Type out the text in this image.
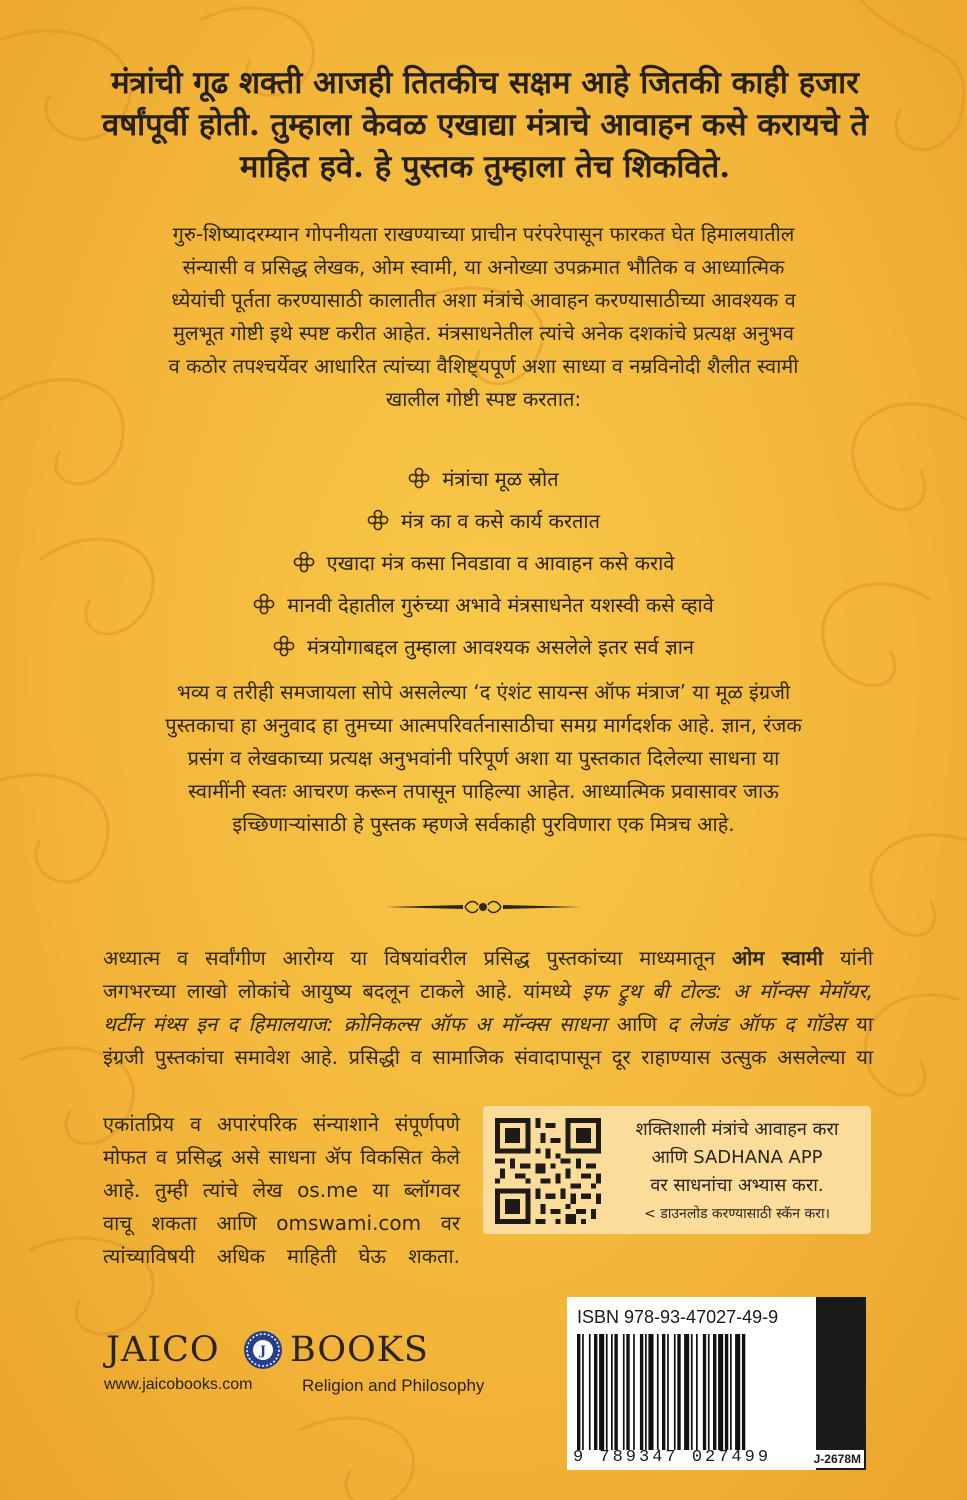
मंत्रांची गूढ शक्ती आजही तितकीच सक्षम आहे जितकी काही हजार
वर्षांपूर्वी होती. तुम्हाला केवळ एखाद्या मंत्राचे आवाहन कसे करायचे ते
माहित हवे. हे पुस्तक तुम्हाला तेच शिकविते.
गुरु-शिष्यादरम्यान गोपनीयता राखण्याच्या प्राचीन परंपरेपासून फारकत घेत हिमालयातील
संन्यासी व प्रसिद्ध लेखक, ओम स्वामी, या अनोख्या उपक्रमात भौतिक व आध्यात्मिक
ध्येयांची पूर्तता करण्यासाठी कालातीत अशा मंत्रांचे आवाहन करण्यासाठीच्या आवश्यक व
मुलभूत गोष्टी इथे स्पष्ट करीत आहेत. मंत्रसाधनेतील त्यांचे अनेक दशकांचे प्रत्यक्ष अनुभव
व कठोर तपश्चर्येवर आधारित त्यांच्या वैशिष्ट्यपूर्ण अशा साध्या व नम्रविनोदी शैलीत स्वामी
खालील गोष्टी स्पष्ट करतात:
मंत्रांचा मूळ स्रोत
मंत्र का व कसे कार्य करतात
एखादा मंत्र कसा निवडावा व आवाहन कसे करावे
मानवी देहातील गुरुंच्या अभावे मंत्रसाधनेत यशस्वी कसे व्हावे
मंत्रयोगाबद्दल तुम्हाला आवश्यक असलेले इतर सर्व ज्ञान
भव्य व तरीही समजायला सोपे असलेल्या ‘द एंशंट सायन्स ऑफ मंत्राज’ या मूळ इंग्रजी
पुस्तकाचा हा अनुवाद हा तुमच्या आत्मपरिवर्तनासाठीचा समग्र मार्गदर्शक आहे. ज्ञान, रंजक
प्रसंग व लेखकाच्या प्रत्यक्ष अनुभवांनी परिपूर्ण अशा या पुस्तकात दिलेल्या साधना या
स्वामींनी स्वतः आचरण करून तपासून पाहिल्या आहेत. आध्यात्मिक प्रवासावर जाऊ
इच्छिणाऱ्यांसाठी हे पुस्तक म्हणजे सर्वकाही पुरविणारा एक मित्रच आहे.
अध्यात्म व सर्वांगीण आरोग्य या विषयांवरील प्रसिद्ध पुस्तकांच्या माध्यमातून ओम स्वामी यांनी
जगभरच्या लाखो लोकांचे आयुष्य बदलून टाकले आहे. यांमध्ये इफ ट्रुथ बी टोल्ड: अ मॉन्क्स मेमॉयर,
थर्टीन मंथ्स इन द हिमालयाज: क्रोनिकल्स ऑफ अ मॉन्क्स साधना आणि द लेजंड ऑफ द गॉडेस या
इंग्रजी पुस्तकांचा समावेश आहे. प्रसिद्धी व सामाजिक संवादापासून दूर राहाण्यास उत्सुक असलेल्या या
एकांतप्रिय व अपारंपरिक संन्याशाने संपूर्णपणे
मोफत व प्रसिद्ध असे साधना ॲप विकसित केले
आहे. तुम्ही त्यांचे लेख os.me या ब्लॉगवर
वाचू शकता आणि omswami.com वर
त्यांच्याविषयी अधिक माहिती घेऊ शकता.
शक्तिशाली मंत्रांचे आवाहन करा
आणि SADHANA APP
वर साधनांचा अभ्यास करा.
< डाउनलोड करण्यासाठी स्कॅन करा।
JAICO	J BOOKS
www.jaicobooks.com	Religion and Philosophy
ISBN 978-93-47027-49-9
9 789347 027499	J-2678M
